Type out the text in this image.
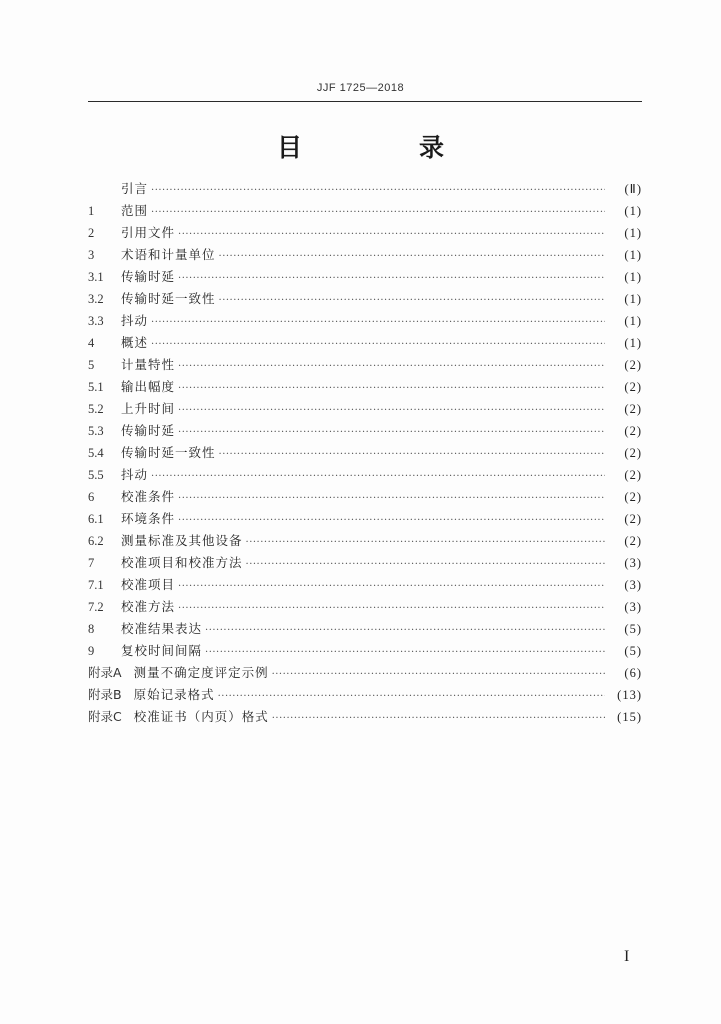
JJF 1725—2018
目　录
引言 ·····	(Ⅱ)
1	范围 ·····	(1)
2	引用文件 ·····	(1)
3	术语和计量单位 ·····	(1)
3.1	传输时延 ·····	(1)
3.2	传输时延一致性 ·····	(1)
3.3	抖动 ·····	(1)
4	概述 ·····	(1)
5	计量特性 ·····	(2)
5.1	输出幅度 ·····	(2)
5.2	上升时间 ·····	(2)
5.3	传输时延 ·····	(2)
5.4	传输时延一致性 ·····	(2)
5.5	抖动 ·····	(2)
6	校准条件 ·····	(2)
6.1	环境条件 ·····	(2)
6.2	测量标准及其他设备 ·····	(2)
7	校准项目和校准方法 ·····	(3)
7.1	校准项目 ·····	(3)
7.2	校准方法 ·····	(3)
8	校准结果表达 ·····	(5)
9	复校时间间隔 ·····	(5)
附录A 测量不确定度评定示例 ·····	(6)
附录B 原始记录格式 ·····	(13)
附录C 校准证书（内页）格式 ·····	(15)
I
